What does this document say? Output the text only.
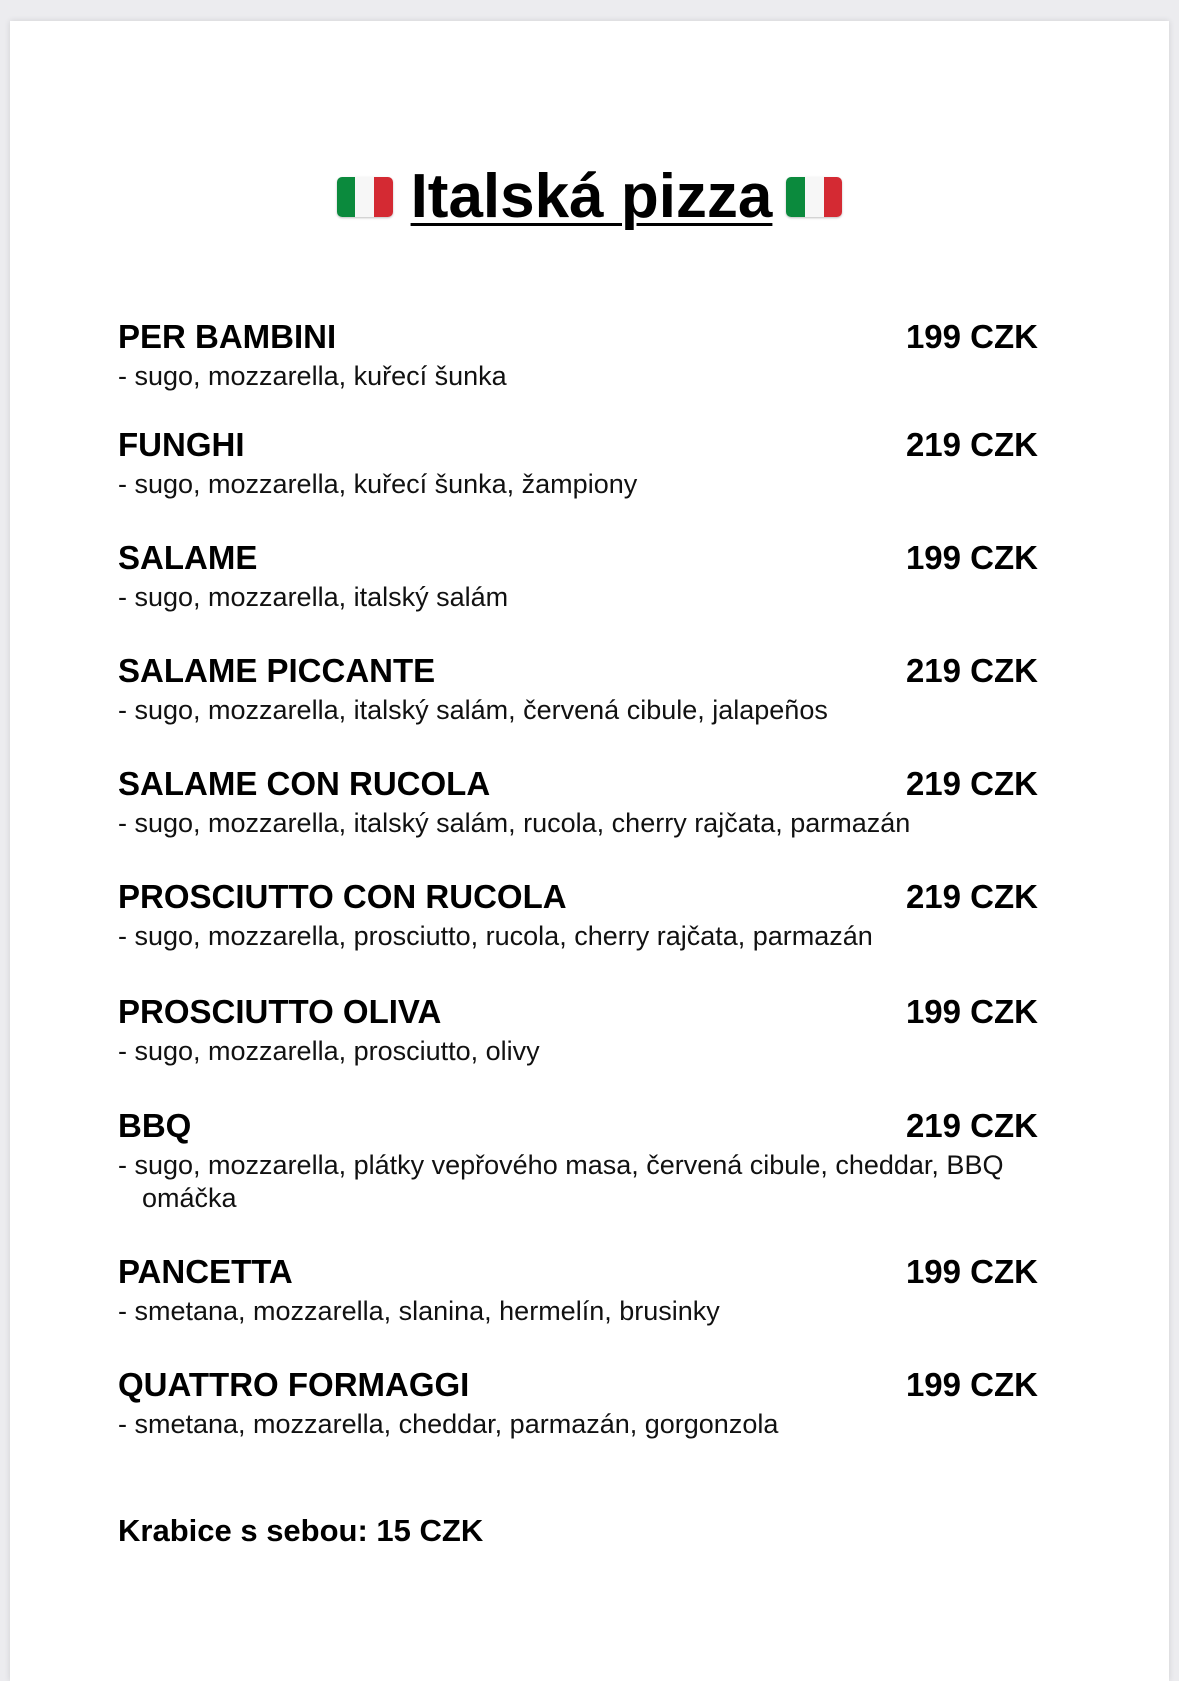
Italská pizza
PER BAMBINI	199 CZK
- sugo, mozzarella, kuřecí šunka
FUNGHI	219 CZK
- sugo, mozzarella, kuřecí šunka, žampiony
SALAME	199 CZK
- sugo, mozzarella, italský salám
SALAME PICCANTE	219 CZK
- sugo, mozzarella, italský salám, červená cibule, jalapeños
SALAME CON RUCOLA	219 CZK
- sugo, mozzarella, italský salám, rucola, cherry rajčata, parmazán
PROSCIUTTO CON RUCOLA	219 CZK
- sugo, mozzarella, prosciutto, rucola, cherry rajčata, parmazán
PROSCIUTTO OLIVA	199 CZK
- sugo, mozzarella, prosciutto, olivy
BBQ	219 CZK
- sugo, mozzarella, plátky vepřového masa, červená cibule, cheddar, BBQ omáčka
PANCETTA	199 CZK
- smetana, mozzarella, slanina, hermelín, brusinky
QUATTRO FORMAGGI	199 CZK
- smetana, mozzarella, cheddar, parmazán, gorgonzola
Krabice s sebou: 15 CZK
